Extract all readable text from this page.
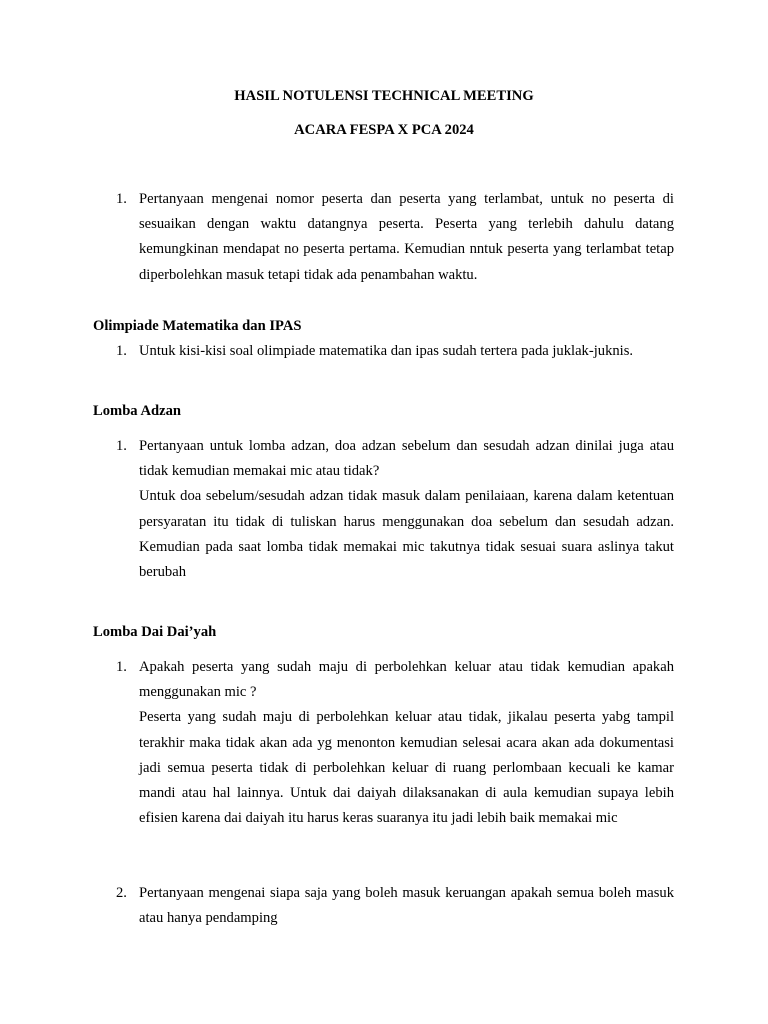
HASIL NOTULENSI TECHNICAL MEETING
ACARA FESPA X PCA 2024
1. Pertanyaan mengenai nomor peserta dan peserta yang terlambat, untuk no peserta di sesuaikan dengan waktu datangnya peserta. Peserta yang terlebih dahulu datang kemungkinan mendapat no peserta pertama. Kemudian nntuk peserta yang terlambat tetap diperbolehkan masuk tetapi tidak ada penambahan waktu.
Olimpiade Matematika dan IPAS
1. Untuk kisi-kisi soal olimpiade matematika dan ipas sudah tertera pada juklak-juknis.
Lomba Adzan
1. Pertanyaan untuk lomba adzan, doa adzan sebelum dan sesudah adzan dinilai juga atau tidak kemudian memakai mic atau tidak?
Untuk doa sebelum/sesudah adzan tidak masuk dalam penilaiaan, karena dalam ketentuan persyaratan itu tidak di tuliskan harus menggunakan doa sebelum dan sesudah adzan. Kemudian pada saat lomba tidak memakai mic takutnya tidak sesuai suara aslinya takut berubah
Lomba Dai Dai’yah
1. Apakah peserta yang sudah maju di perbolehkan keluar atau tidak kemudian apakah menggunakan mic ?
Peserta yang sudah maju di perbolehkan keluar atau tidak, jikalau peserta yabg tampil terakhir maka tidak akan ada yg menonton kemudian selesai acara akan ada dokumentasi jadi semua peserta tidak di perbolehkan keluar di ruang perlombaan kecuali ke kamar mandi atau hal lainnya. Untuk dai daiyah dilaksanakan di aula kemudian supaya lebih efisien karena dai daiyah itu harus keras suaranya itu jadi lebih baik memakai mic
2. Pertanyaan mengenai siapa saja yang boleh masuk keruangan apakah semua boleh masuk atau hanya pendamping
